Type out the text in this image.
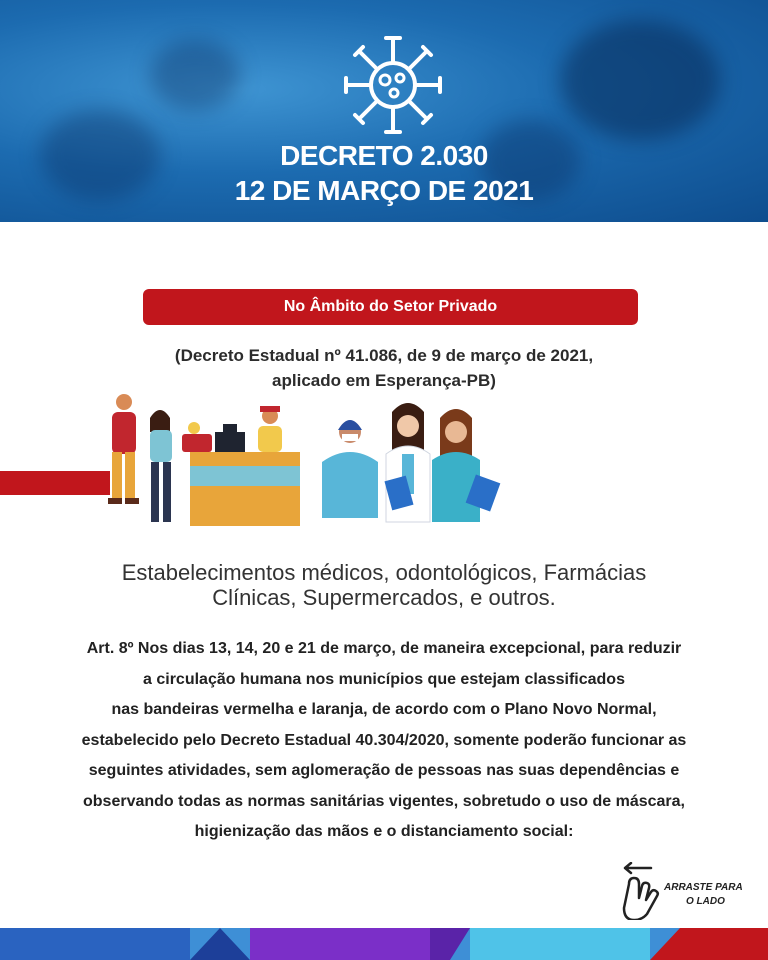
DECRETO 2.030
12 DE MARÇO DE 2021
No Âmbito do Setor Privado
(Decreto Estadual nº 41.086, de 9 de março de 2021,
aplicado em Esperança-PB)
Estabelecimentos médicos, odontológicos, Farmácias
Clínicas, Supermercados, e outros.
Art. 8º Nos dias 13, 14, 20 e 21 de março, de maneira excepcional, para reduzir
a circulação humana nos municípios que estejam classificados
nas bandeiras vermelha e laranja, de acordo com o Plano Novo Normal,
estabelecido pelo Decreto Estadual 40.304/2020, somente poderão funcionar as
seguintes atividades, sem aglomeração de pessoas nas suas dependências e
observando todas as normas sanitárias vigentes, sobretudo o uso de máscara,
higienização das mãos e o distanciamento social:
ARRASTE PARA
O LADO
